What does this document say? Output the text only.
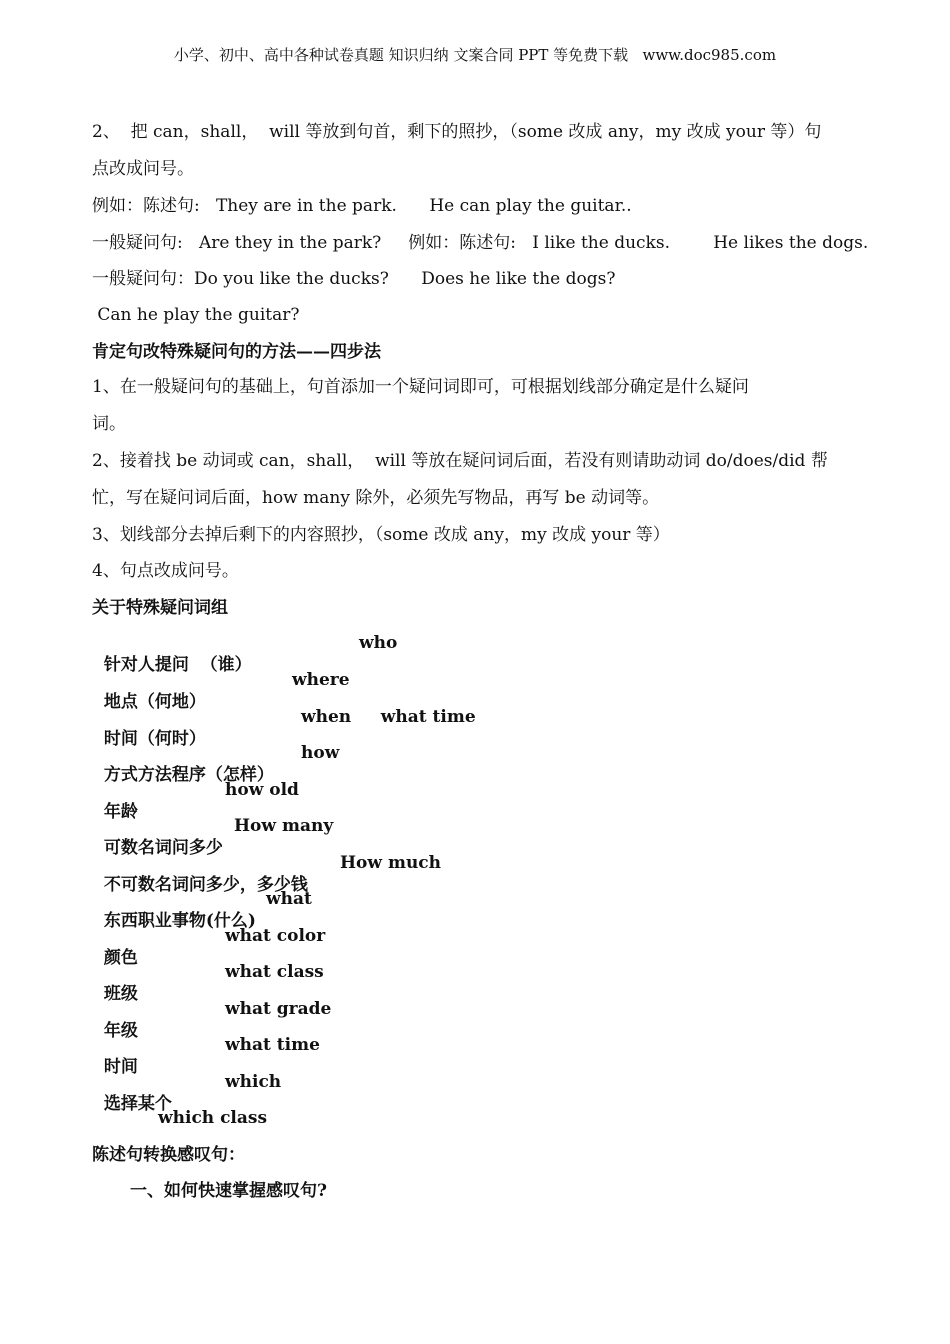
小学、初中、高中各种试卷真题 知识归纳 文案合同 PPT 等免费下载   www.doc985.com
2、  把 can，shall，  will 等放到句首，剩下的照抄，（some 改成 any，my 改成 your 等）句
点改成问号。
例如：陈述句:   They are in the park.      He can play the guitar..
一般疑问句:   Are they in the park?     例如：陈述句:   I like the ducks.        He likes the dogs.
一般疑问句：Do you like the ducks?      Does he like the dogs?
Can he play the guitar?
肯定句改特殊疑问句的方法——四步法
1、在一般疑问句的基础上，句首添加一个疑问词即可，可根据划线部分确定是什么疑问
词。
2、接着找 be 动词或 can，shall，  will 等放在疑问词后面，若没有则请助动词 do/does/did 帮
忙，写在疑问词后面，how many 除外，必须先写物品，再写 be 动词等。
3、划线部分去掉后剩下的内容照抄，（some 改成 any，my 改成 your 等）
4、句点改成问号。
关于特殊疑问词组

针对人提问  （谁）

who

地点（何地）

where

时间（何时）

when     what time

方式方法程序（怎样）

how

年龄

how old

可数名词问多少

How many

不可数名词问多少，多少钱

How much

东西职业事物(什么)

what

颜色

what color

班级

what class

年级

what grade

时间

what time

选择某个

which

which class

陈述句转换感叹句：
一、如何快速掌握感叹句?
